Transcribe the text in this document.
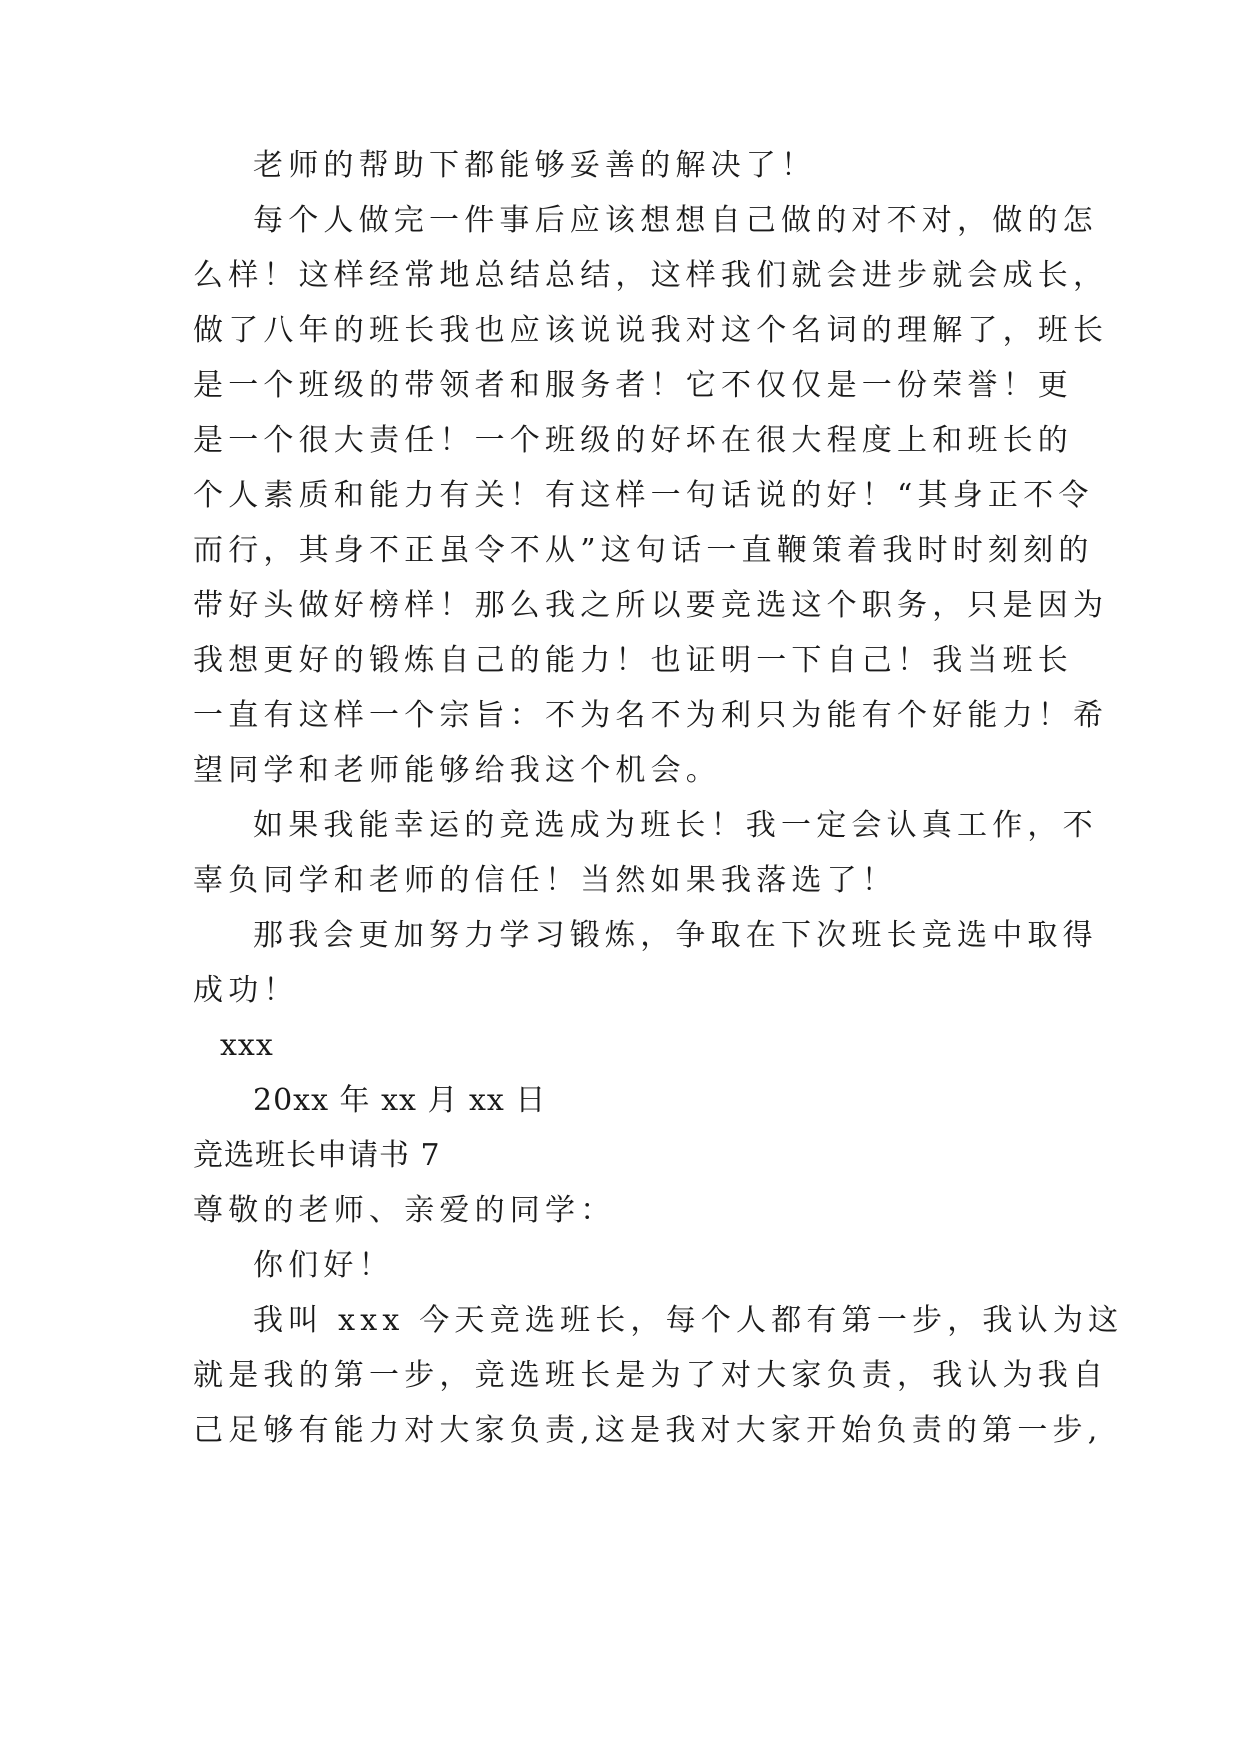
老师的帮助下都能够妥善的解决了！
每个人做完一件事后应该想想自己做的对不对，做的怎
么样！这样经常地总结总结，这样我们就会进步就会成长，
做了八年的班长我也应该说说我对这个名词的理解了，班长
是一个班级的带领者和服务者！它不仅仅是一份荣誉！更
是一个很大责任！一个班级的好坏在很大程度上和班长的
个人素质和能力有关！有这样一句话说的好！“其身正不令
而行，其身不正虽令不从”这句话一直鞭策着我时时刻刻的
带好头做好榜样！那么我之所以要竞选这个职务，只是因为
我想更好的锻炼自己的能力！也证明一下自己！我当班长
一直有这样一个宗旨：不为名不为利只为能有个好能力！希
望同学和老师能够给我这个机会。
如果我能幸运的竞选成为班长！我一定会认真工作，不
辜负同学和老师的信任！当然如果我落选了！
那我会更加努力学习锻炼，争取在下次班长竞选中取得
成功！
xxx
20xx 年 xx 月 xx 日
竞选班长申请书 7
尊敬的老师、亲爱的同学：
你们好！
我叫 xxx 今天竞选班长，每个人都有第一步，我认为这
就是我的第一步，竞选班长是为了对大家负责，我认为我自
己足够有能力对大家负责,这是我对大家开始负责的第一步,
